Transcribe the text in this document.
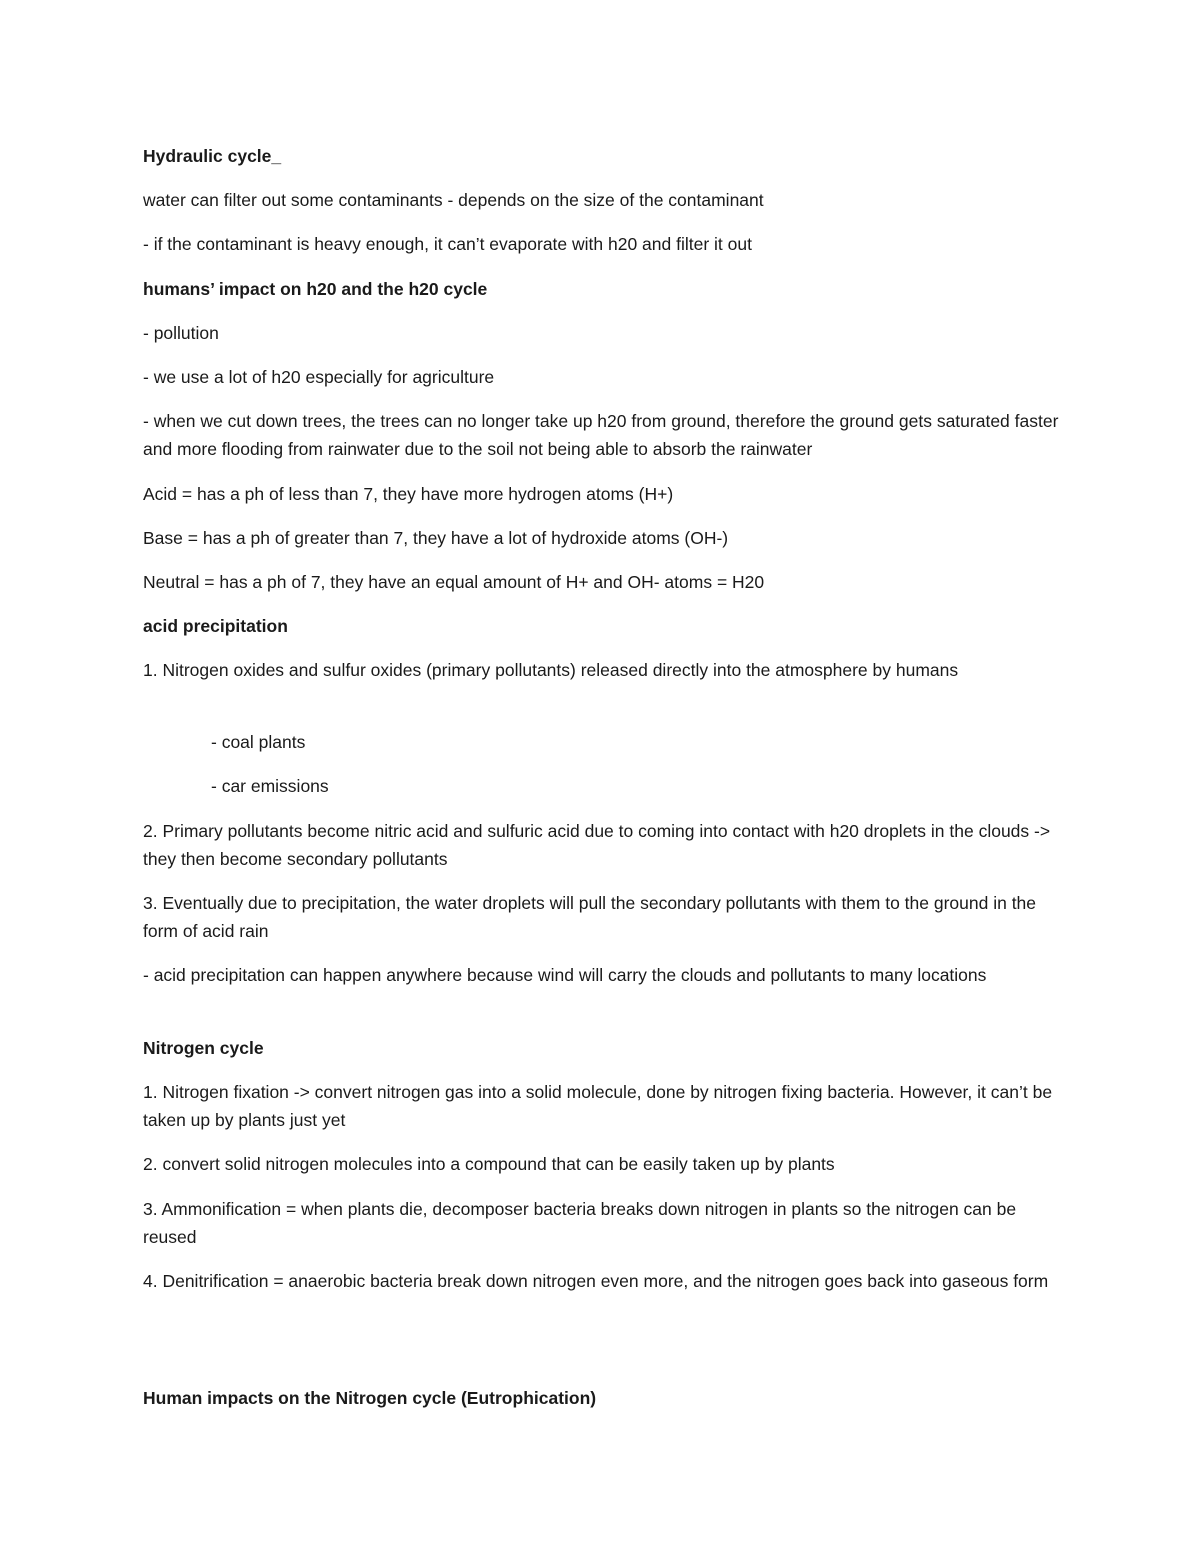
Hydraulic cycle_

water can filter out some contaminants - depends on the size of the contaminant

- if the contaminant is heavy enough, it can’t evaporate with h20 and filter it out

humans’ impact on h20 and the h20 cycle

- pollution

- we use a lot of h20 especially for agriculture

- when we cut down trees, the trees can no longer take up h20 from ground, therefore the ground gets saturated faster and more flooding from rainwater due to the soil not being able to absorb the rainwater

Acid = has a ph of less than 7, they have more hydrogen atoms (H+)

Base = has a ph of greater than 7, they have a lot of hydroxide atoms (OH-)

Neutral = has a ph of 7, they have an equal amount of H+ and OH- atoms = H20

acid precipitation

1. Nitrogen oxides and sulfur oxides (primary pollutants) released directly into the atmosphere by humans

- coal plants

- car emissions

2. Primary pollutants become nitric acid and sulfuric acid due to coming into contact with h20 droplets in the clouds -> they then become secondary pollutants

3. Eventually due to precipitation, the water droplets will pull the secondary pollutants with them to the ground in the form of acid rain

- acid precipitation can happen anywhere because wind will carry the clouds and pollutants to many locations

Nitrogen cycle

1. Nitrogen fixation -> convert nitrogen gas into a solid molecule, done by nitrogen fixing bacteria. However, it can’t be taken up by plants just yet

2. convert solid nitrogen molecules into a compound that can be easily taken up by plants

3. Ammonification = when plants die, decomposer bacteria breaks down nitrogen in plants so the nitrogen can be reused

4. Denitrification = anaerobic bacteria break down nitrogen even more, and the nitrogen goes back into gaseous form

Human impacts on the Nitrogen cycle (Eutrophication)
